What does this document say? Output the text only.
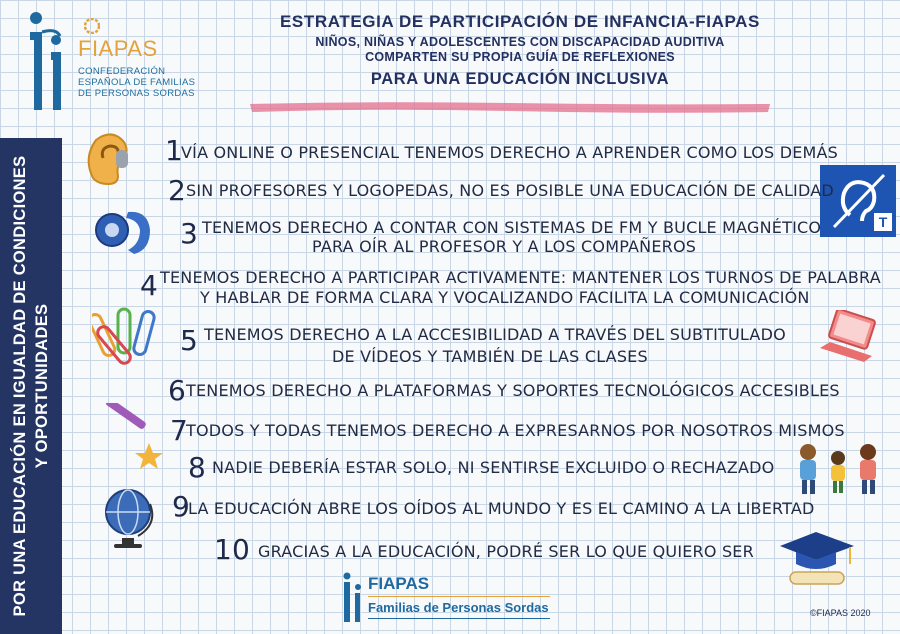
FIAPAS
CONFEDERACIÓN ESPAÑOLA DE FAMILIAS DE PERSONAS SORDAS
ESTRATEGIA DE PARTICIPACIÓN DE INFANCIA-FIAPAS
NIÑOS, NIÑAS Y ADOLESCENTES CON DISCAPACIDAD AUDITIVA
COMPARTEN SU PROPIA GUÍA DE REFLEXIONES
PARA UNA EDUCACIÓN INCLUSIVA
POR UNA EDUCACIÓN EN IGUALDAD DE CONDICIONES Y OPORTUNIDADES
T
1
VÍA ONLINE O PRESENCIAL TENEMOS DERECHO A APRENDER COMO LOS DEMÁS
2 SIN PROFESORES Y LOGOPEDAS, NO ES POSIBLE UNA EDUCACIÓN DE CALIDAD
3 TENEMOS DERECHO A CONTAR CON SISTEMAS DE FM Y BUCLE MAGNÉTICO
PARA OÍR AL PROFESOR Y A LOS COMPAÑEROS
4 TENEMOS DERECHO A PARTICIPAR ACTIVAMENTE: MANTENER LOS TURNOS DE PALABRA
Y HABLAR DE FORMA CLARA Y VOCALIZANDO FACILITA LA COMUNICACIÓN
5 TENEMOS DERECHO A LA ACCESIBILIDAD A TRAVÉS DEL SUBTITULADO
DE VÍDEOS Y TAMBIÉN DE LAS CLASES
6 TENEMOS DERECHO A PLATAFORMAS Y SOPORTES TECNOLÓGICOS ACCESIBLES
7
TODOS Y TODAS TENEMOS DERECHO A EXPRESARNOS POR NOSOTROS MISMOS
8 NADIE DEBERÍA ESTAR SOLO, NI SENTIRSE EXCLUIDO O RECHAZADO
9
LA EDUCACIÓN ABRE LOS OÍDOS AL MUNDO Y ES EL CAMINO A LA LIBERTAD
10 GRACIAS A LA EDUCACIÓN, PODRÉ SER LO QUE QUIERO SER
FIAPAS
Familias de Personas Sordas	©FIAPAS 2020
